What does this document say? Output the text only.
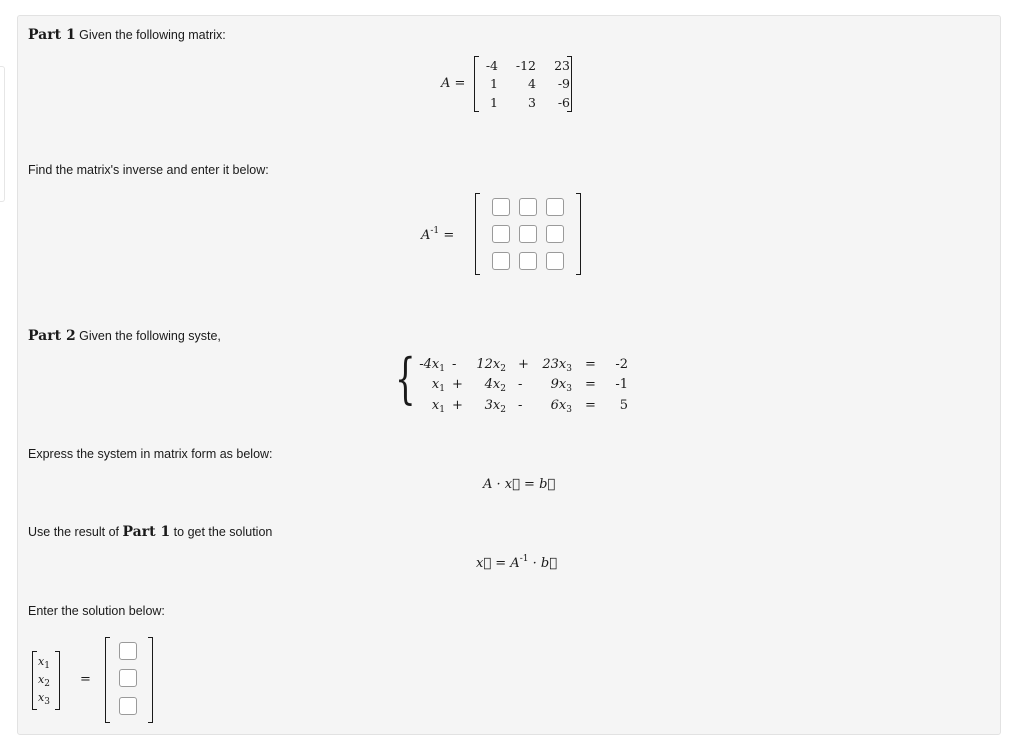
Part 1 Given the following matrix:
A =
-4	-12	23
1	4	-9
1	3	-6
Find the matrix's inverse and enter it below:
$A^{-1}$ =
Part 2 Given the following syste,
{ $-4x_1 - 12x_2 + 23x_3 = -2$
$x_1 + 4x_2 - 9x_3 = -1$
$x_1 + 3x_2 - 6x_3 = 5$
Express the system in matrix form as below:
A · x⃗ = b⃗
Use the result of Part 1 to get the solution
x⃗ = $A^{-1}$ · b⃗
Enter the solution below:
$x_1$
$x_2$
$x_3$
=
